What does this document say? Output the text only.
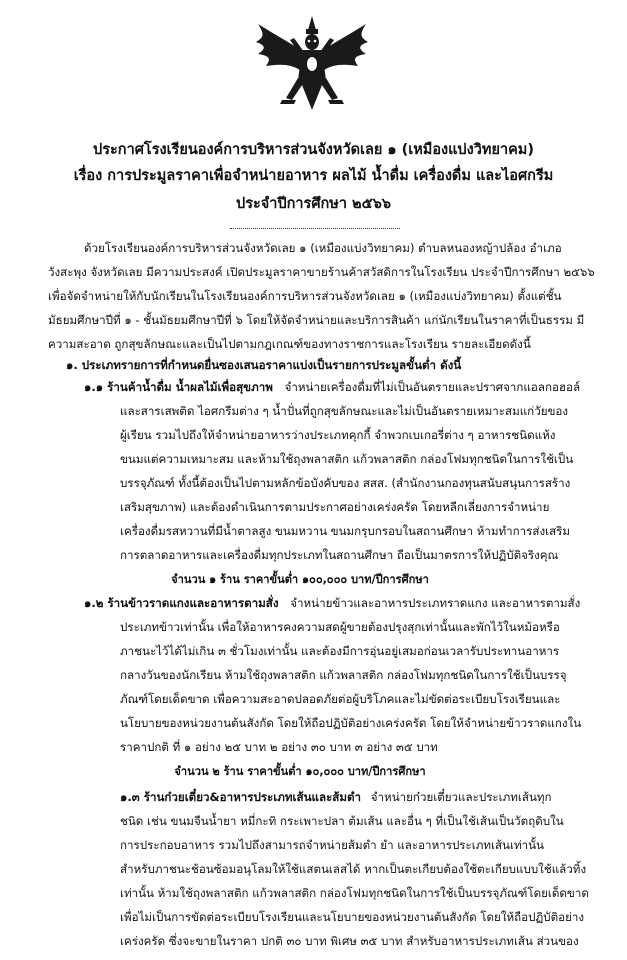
ประกาศโรงเรียนองค์การบริหารส่วนจังหวัดเลย ๑ (เหมืองแบ่งวิทยาคม)
เรื่อง การประมูลราคาเพื่อจำหน่ายอาหาร ผลไม้ น้ำดื่ม เครื่องดื่ม และไอศกรีม
ประจำปีการศึกษา ๒๕๖๖
ด้วยโรงเรียนองค์การบริหารส่วนจังหวัดเลย ๑ (เหมืองแบ่งวิทยาคม) ตำบลหนองหญ้าปล้อง อำเภอ
วังสะพุง จังหวัดเลย มีความประสงค์ เปิดประมูลราคาขายร้านค้าสวัสดิการในโรงเรียน ประจำปีการศึกษา ๒๕๖๖
เพื่อจัดจำหน่ายให้กับนักเรียนในโรงเรียนองค์การบริหารส่วนจังหวัดเลย ๑ (เหมืองแบ่งวิทยาคม) ตั้งแต่ชั้น
มัธยมศึกษาปีที่ ๑ - ชั้นมัธยมศึกษาปีที่ ๖ โดยให้จัดจำหน่ายและบริการสินค้า แก่นักเรียนในราคาที่เป็นธรรม มี
ความสะอาด ถูกสุขลักษณะและเป็นไปตามกฎเกณฑ์ของทางราชการและโรงเรียน รายละเอียดดังนี้
๑. ประเภทรายการที่กำหนดยื่นซองเสนอราคาแบ่งเป็นรายการประมูลขั้นต่ำ ดังนี้
๑.๑ ร้านค้าน้ำดื่ม น้ำผลไม้เพื่อสุขภาพ จำหน่ายเครื่องดื่มที่ไม่เป็นอันตรายและปราศจากแอลกอฮอล์
และสารเสพติด ไอศกรีมต่าง ๆ น้ำปั่นที่ถูกสุขลักษณะและไม่เป็นอันตรายเหมาะสมแก่วัยของ
ผู้เรียน รวมไปถึงให้จำหน่ายอาหารว่างประเภทคุกกี้ จำพวกเบเกอรี่ต่าง ๆ อาหารชนิดแห้ง
ขนมแต่ความเหมาะสม และห้ามใช้ถุงพลาสติก แก้วพลาสติก กล่องโฟมทุกชนิดในการใช้เป็น
บรรจุภัณฑ์ ทั้งนี้ต้องเป็นไปตามหลักข้อบังคับของ สสส. (สำนักงานกองทุนสนับสนุนการสร้าง
เสริมสุขภาพ) และต้องดำเนินการตามประกาศอย่างเคร่งครัด โดยหลีกเลี่ยงการจำหน่าย
เครื่องดื่มรสหวานที่มีน้ำตาลสูง ขนมหวาน ขนมกรุบกรอบในสถานศึกษา ห้ามทำการส่งเสริม
การตลาดอาหารและเครื่องดื่มทุกประเภทในสถานศึกษา ถือเป็นมาตรการให้ปฏิบัติจริงคุณ
จำนวน ๑ ร้าน ราคาขั้นต่ำ ๑๐๐,๐๐๐ บาท/ปีการศึกษา
๑.๒ ร้านข้าวราดแกงและอาหารตามสั่ง จำหน่ายข้าวและอาหารประเภทราดแกง และอาหารตามสั่ง
ประเภทข้าวเท่านั้น เพื่อให้อาหารคงความสดผู้ขายต้องปรุงสุกเท่านั้นและพักไว้ในหม้อหรือ
ภาชนะไว้ได้ไม่เกิน ๓ ชั่วโมงเท่านั้น และต้องมีการอุ่นอยู่เสมอก่อนเวลารับประทานอาหาร
กลางวันของนักเรียน ห้ามใช้ถุงพลาสติก แก้วพลาสติก กล่องโฟมทุกชนิดในการใช้เป็นบรรจุ
ภัณฑ์โดยเด็ดขาด เพื่อความสะอาดปลอดภัยต่อผู้บริโภคและไม่ขัดต่อระเบียบโรงเรียนและ
นโยบายของหน่วยงานต้นสังกัด โดยให้ถือปฏิบัติอย่างเคร่งครัด โดยให้จำหน่ายข้าวราดแกงใน
ราคาปกติ ที่ ๑ อย่าง ๒๕ บาท ๒ อย่าง ๓๐ บาท ๓ อย่าง ๓๕ บาท
จำนวน ๒ ร้าน ราคาขั้นต่ำ ๑๐,๐๐๐ บาท/ปีการศึกษา
๑.๓ ร้านก๋วยเตี๋ยว&อาหารประเภทเส้นและส้มตำ จำหน่ายก๋วยเตี๋ยวและประเภทเส้นทุก
ชนิด เช่น ขนมจีนน้ำยา หมี่กะทิ กระเพาะปลา ต้มเส้น และอื่น ๆ ที่เป็นใช้เส้นเป็นวัตถุดิบใน
การประกอบอาหาร รวมไปถึงสามารถจำหน่ายส้มตำ ยำ และอาหารประเภทเส้นเท่านั้น
สำหรับภาชนะช้อนซ้อมอนุโลมให้ใช้แสตนเลสได้ หากเป็นตะเกียบต้องใช้ตะเกียบแบบใช้แล้วทิ้ง
เท่านั้น ห้ามใช้ถุงพลาสติก แก้วพลาสติก กล่องโฟมทุกชนิดในการใช้เป็นบรรจุภัณฑ์โดยเด็ดขาด
เพื่อไม่เป็นการขัดต่อระเบียบโรงเรียนและนโยบายของหน่วยงานต้นสังกัด โดยให้ถือปฏิบัติอย่าง
เคร่งครัด ซึ่งจะขายในราคา ปกติ ๓๐ บาท พิเศษ ๓๕ บาท สำหรับอาหารประเภทเส้น ส่วนของ
